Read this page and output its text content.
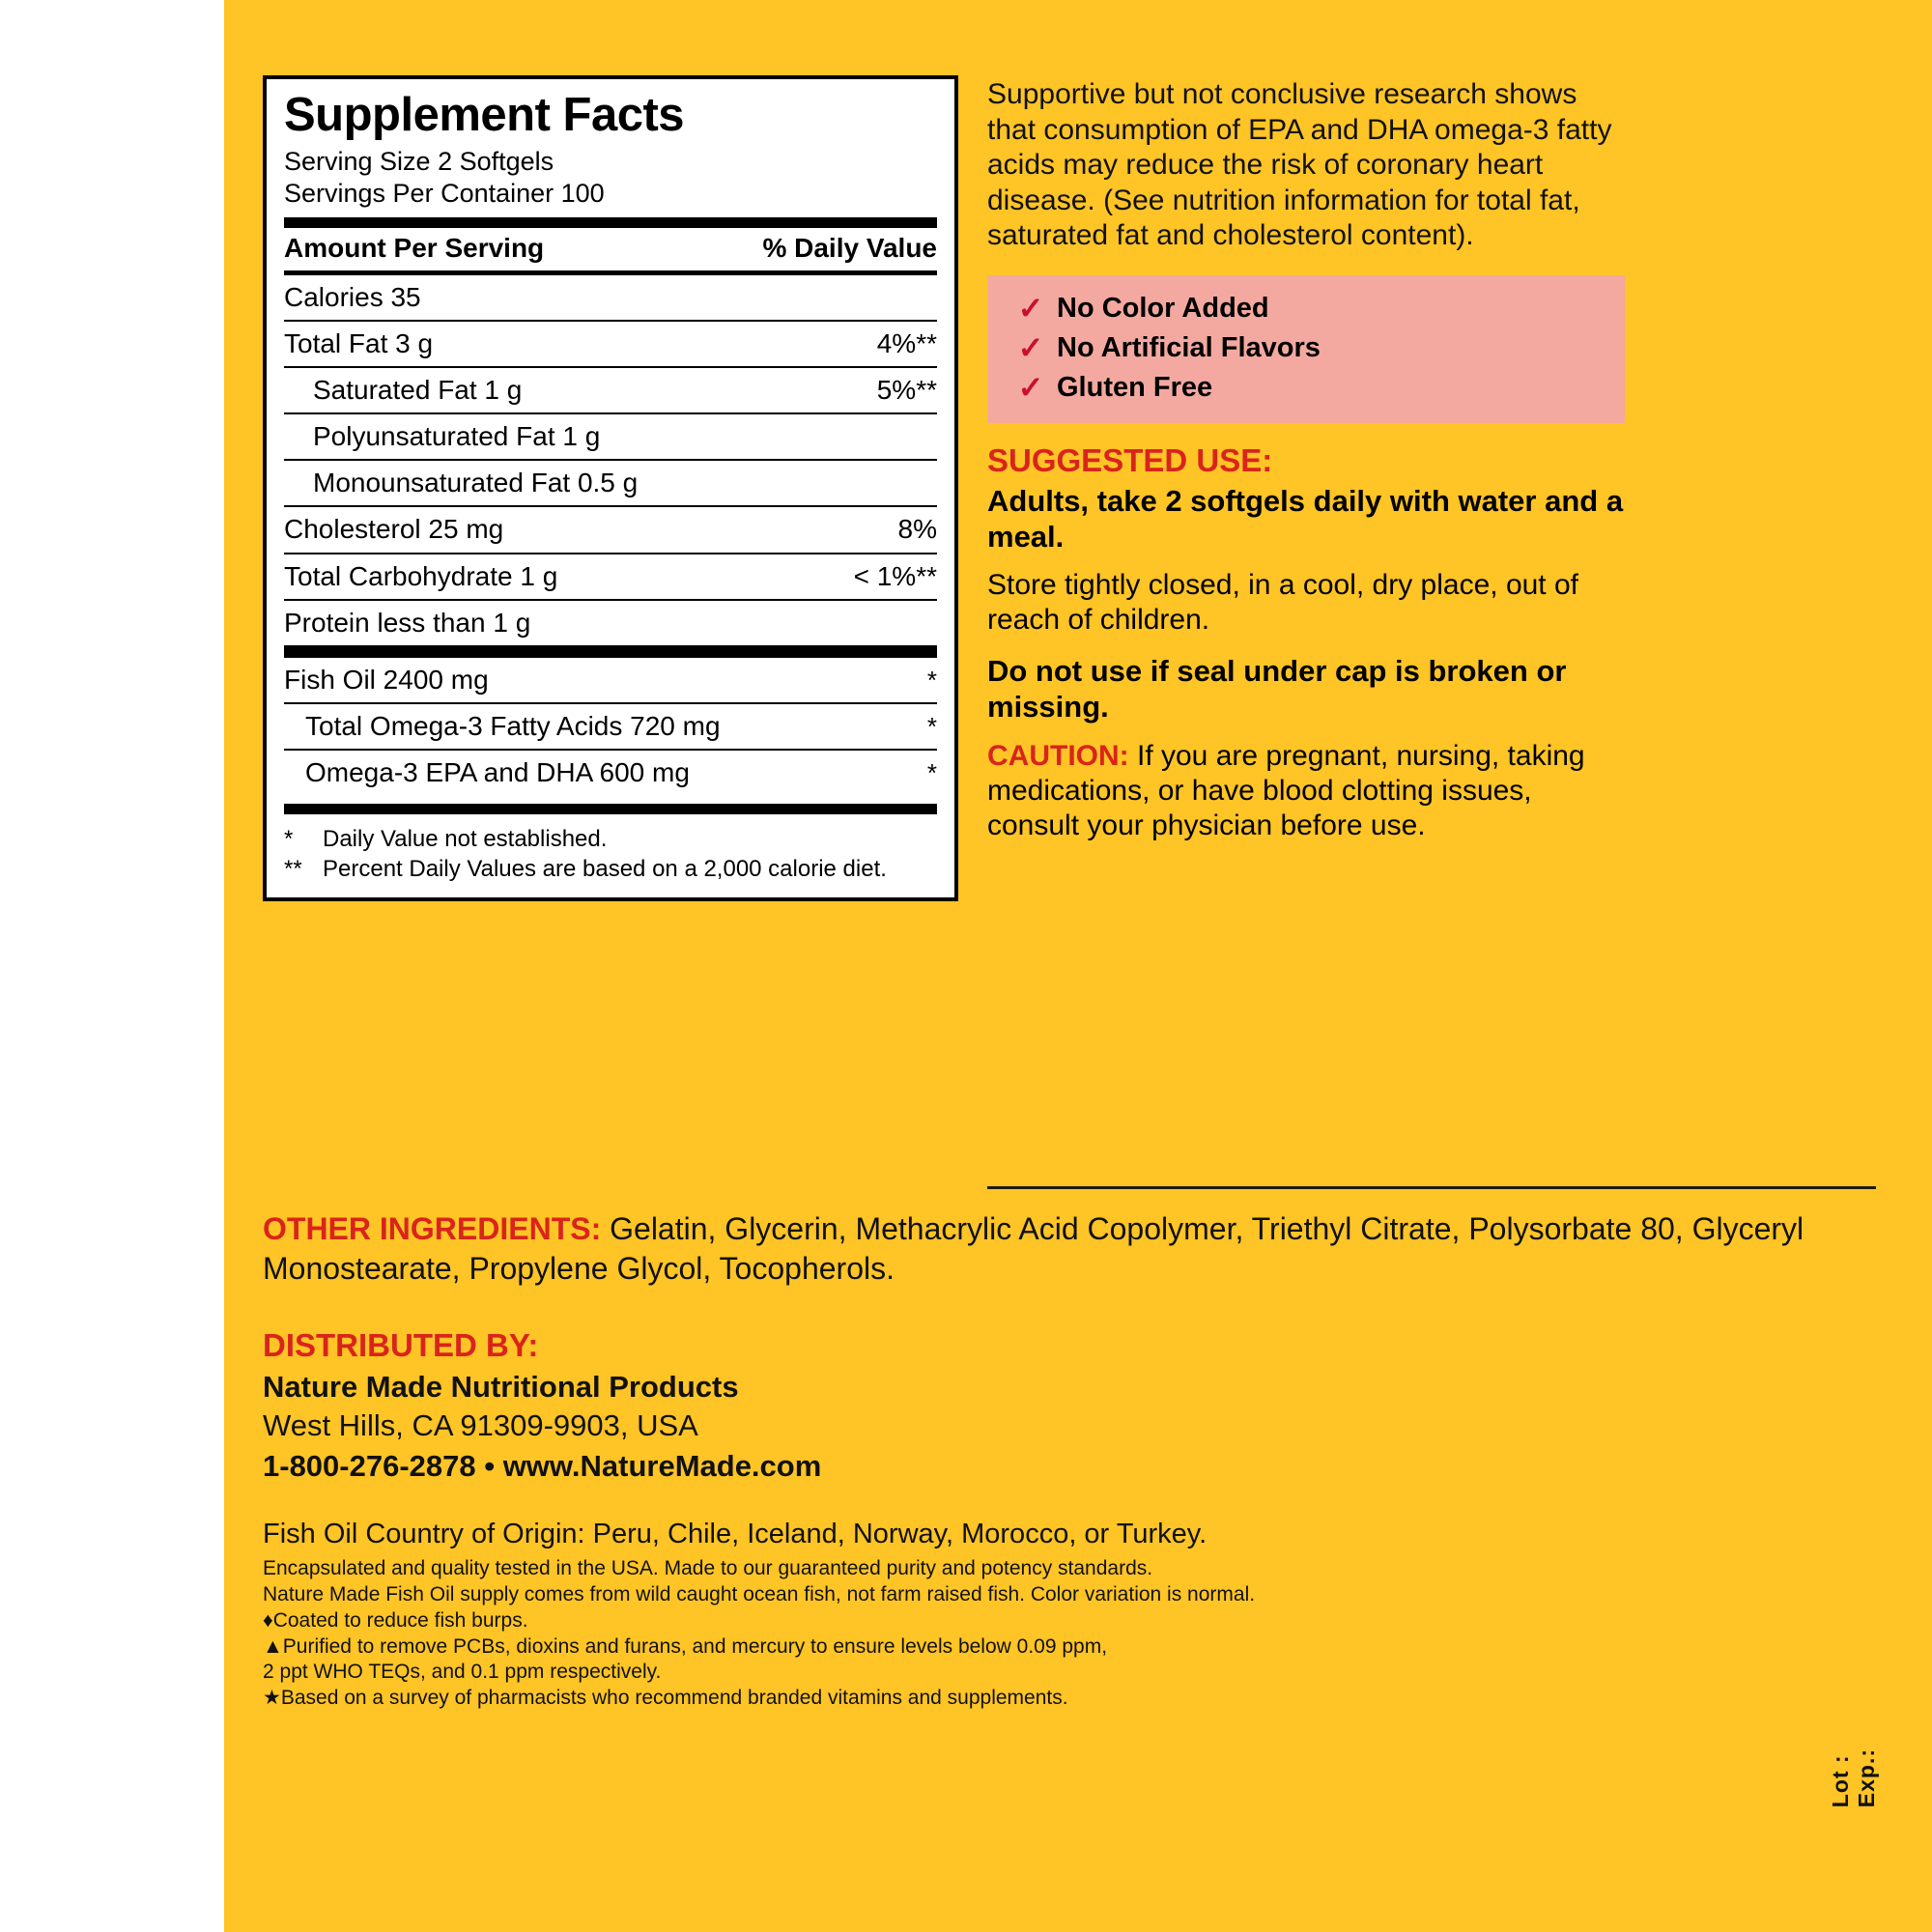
Supplement Facts
Serving Size 2 Softgels
Servings Per Container 100
Amount Per Serving	% Daily Value
Calories 35
Total Fat 3 g	4%**
Saturated Fat 1 g	5%**
Polyunsaturated Fat 1 g
Monounsaturated Fat 0.5 g
Cholesterol 25 mg	8%
Total Carbohydrate 1 g	< 1%**
Protein less than 1 g
Fish Oil 2400 mg	*
Total Omega-3 Fatty Acids 720 mg	*
Omega-3 EPA and DHA 600 mg	*
*	Daily Value not established.
** Percent Daily Values are based on a 2,000 calorie diet.
Supportive but not conclusive research shows that consumption of EPA and DHA omega-3 fatty acids may reduce the risk of coronary heart disease. (See nutrition information for total fat, saturated fat and cholesterol content).
✓ No Color Added
✓ No Artificial Flavors
✓ Gluten Free
SUGGESTED USE:
Adults, take 2 softgels daily with water and a meal.
Store tightly closed, in a cool, dry place, out of reach of children.
Do not use if seal under cap is broken or missing.
CAUTION: If you are pregnant, nursing, taking medications, or have blood clotting issues, consult your physician before use.
OTHER INGREDIENTS: Gelatin, Glycerin, Methacrylic Acid Copolymer, Triethyl Citrate, Polysorbate 80, Glyceryl Monostearate, Propylene Glycol, Tocopherols.
DISTRIBUTED BY:
Nature Made Nutritional Products
West Hills, CA 91309-9903, USA
1-800-276-2878 • www.NatureMade.com
Fish Oil Country of Origin: Peru, Chile, Iceland, Norway, Morocco, or Turkey.
Encapsulated and quality tested in the USA. Made to our guaranteed purity and potency standards.
Nature Made Fish Oil supply comes from wild caught ocean fish, not farm raised fish. Color variation is normal.
♦Coated to reduce fish burps.
▲Purified to remove PCBs, dioxins and furans, and mercury to ensure levels below 0.09 ppm,
2 ppt WHO TEQs, and 0.1 ppm respectively.
★Based on a survey of pharmacists who recommend branded vitamins and supplements.
Lot : Exp.:
